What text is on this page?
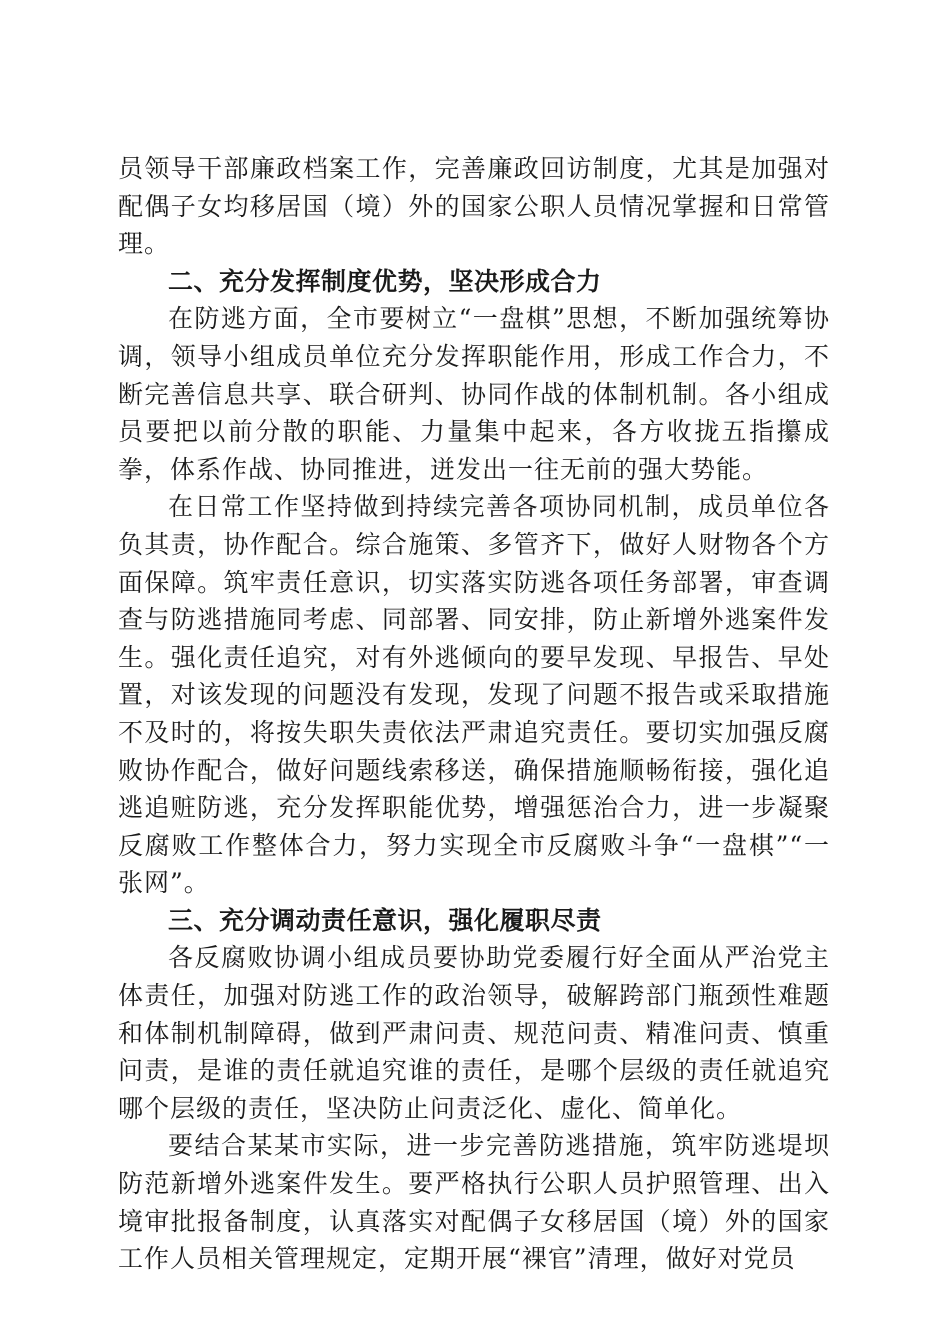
员领导干部廉政档案工作，完善廉政回访制度，尤其是加强对配偶子女均移居国（境）外的国家公职人员情况掌握和日常管理。

二、充分发挥制度优势，坚决形成合力

在防逃方面，全市要树立“一盘棋”思想，不断加强统筹协调，领导小组成员单位充分发挥职能作用，形成工作合力，不断完善信息共享、联合研判、协同作战的体制机制。各小组成员要把以前分散的职能、力量集中起来，各方收拢五指攥成拳，体系作战、协同推进，迸发出一往无前的强大势能。

在日常工作坚持做到持续完善各项协同机制，成员单位各负其责，协作配合。综合施策、多管齐下，做好人财物各个方面保障。筑牢责任意识，切实落实防逃各项任务部署，审查调查与防逃措施同考虑、同部署、同安排，防止新增外逃案件发生。强化责任追究，对有外逃倾向的要早发现、早报告、早处置，对该发现的问题没有发现，发现了问题不报告或采取措施不及时的，将按失职失责依法严肃追究责任。要切实加强反腐败协作配合，做好问题线索移送，确保措施顺畅衔接，强化追逃追赃防逃，充分发挥职能优势，增强惩治合力，进一步凝聚反腐败工作整体合力，努力实现全市反腐败斗争“一盘棋”“一张网”。

三、充分调动责任意识，强化履职尽责

各反腐败协调小组成员要协助党委履行好全面从严治党主体责任，加强对防逃工作的政治领导，破解跨部门瓶颈性难题和体制机制障碍，做到严肃问责、规范问责、精准问责、慎重问责，是谁的责任就追究谁的责任，是哪个层级的责任就追究哪个层级的责任，坚决防止问责泛化、虚化、简单化。

要结合某某市实际，进一步完善防逃措施，筑牢防逃堤坝防范新增外逃案件发生。要严格执行公职人员护照管理、出入境审批报备制度，认真落实对配偶子女移居国（境）外的国家工作人员相关管理规定，定期开展“裸官”清理，做好对党员
